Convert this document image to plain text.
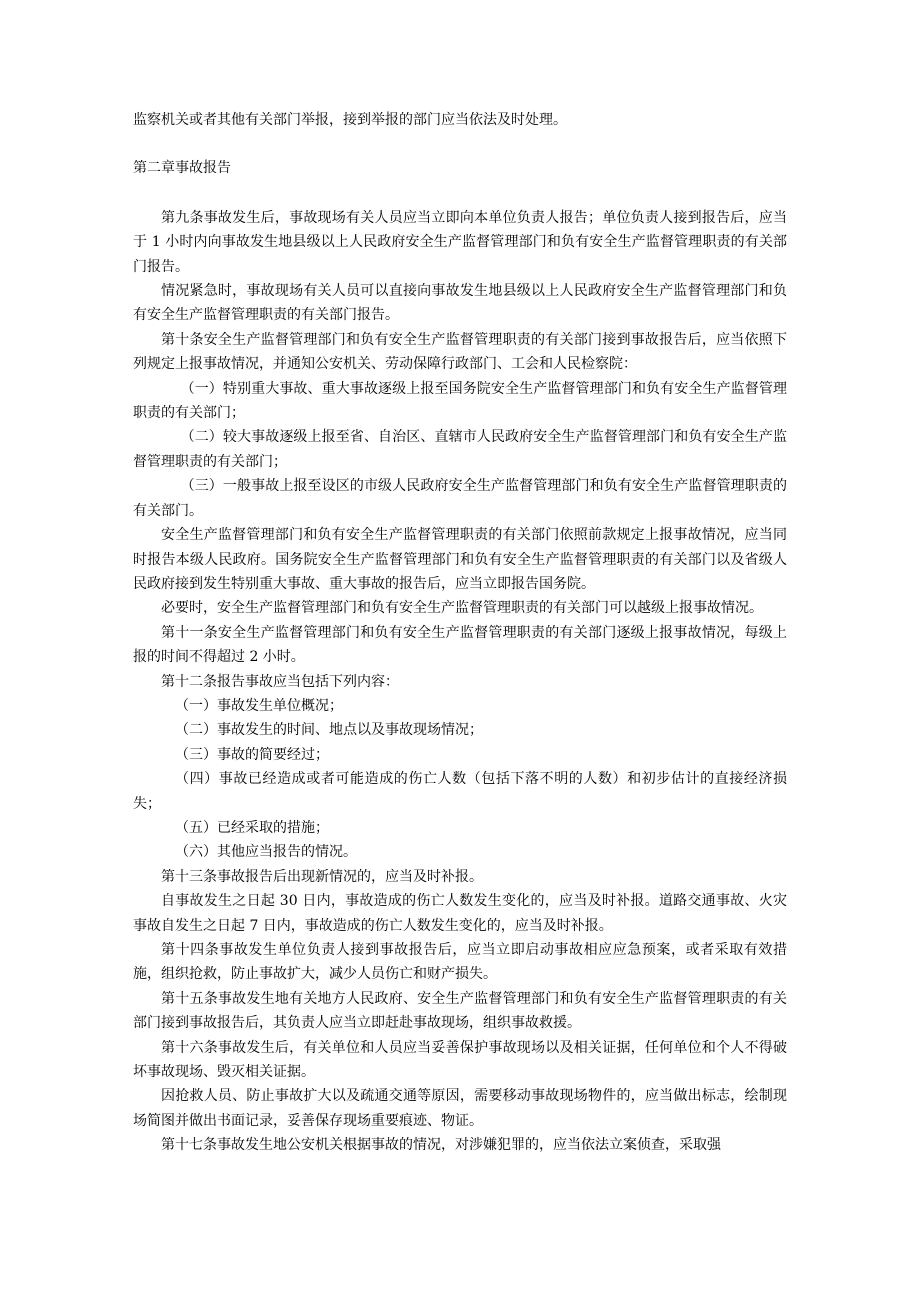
监察机关或者其他有关部门举报，接到举报的部门应当依法及时处理。

第二章事故报告

第九条事故发生后，事故现场有关人员应当立即向本单位负责人报告；单位负责人接到报告后，应当于 1 小时内向事故发生地县级以上人民政府安全生产监督管理部门和负有安全生产监督管理职责的有关部门报告。

情况紧急时，事故现场有关人员可以直接向事故发生地县级以上人民政府安全生产监督管理部门和负有安全生产监督管理职责的有关部门报告。

第十条安全生产监督管理部门和负有安全生产监督管理职责的有关部门接到事故报告后，应当依照下列规定上报事故情况，并通知公安机关、劳动保障行政部门、工会和人民检察院：

（一）特别重大事故、重大事故逐级上报至国务院安全生产监督管理部门和负有安全生产监督管理职责的有关部门；

（二）较大事故逐级上报至省、自治区、直辖市人民政府安全生产监督管理部门和负有安全生产监督管理职责的有关部门；

（三）一般事故上报至设区的市级人民政府安全生产监督管理部门和负有安全生产监督管理职责的有关部门。

安全生产监督管理部门和负有安全生产监督管理职责的有关部门依照前款规定上报事故情况，应当同时报告本级人民政府。国务院安全生产监督管理部门和负有安全生产监督管理职责的有关部门以及省级人民政府接到发生特别重大事故、重大事故的报告后，应当立即报告国务院。

必要时，安全生产监督管理部门和负有安全生产监督管理职责的有关部门可以越级上报事故情况。

第十一条安全生产监督管理部门和负有安全生产监督管理职责的有关部门逐级上报事故情况，每级上报的时间不得超过 2 小时。

第十二条报告事故应当包括下列内容：

（一）事故发生单位概况；

（二）事故发生的时间、地点以及事故现场情况；

（三）事故的简要经过；

（四）事故已经造成或者可能造成的伤亡人数（包括下落不明的人数）和初步估计的直接经济损失；

（五）已经采取的措施；

（六）其他应当报告的情况。

第十三条事故报告后出现新情况的，应当及时补报。

自事故发生之日起 30 日内，事故造成的伤亡人数发生变化的，应当及时补报。道路交通事故、火灾事故自发生之日起 7 日内，事故造成的伤亡人数发生变化的，应当及时补报。

第十四条事故发生单位负责人接到事故报告后，应当立即启动事故相应应急预案，或者采取有效措施，组织抢救，防止事故扩大，减少人员伤亡和财产损失。

第十五条事故发生地有关地方人民政府、安全生产监督管理部门和负有安全生产监督管理职责的有关部门接到事故报告后，其负责人应当立即赶赴事故现场，组织事故救援。

第十六条事故发生后，有关单位和人员应当妥善保护事故现场以及相关证据，任何单位和个人不得破坏事故现场、毁灭相关证据。

因抢救人员、防止事故扩大以及疏通交通等原因，需要移动事故现场物件的，应当做出标志，绘制现场简图并做出书面记录，妥善保存现场重要痕迹、物证。

第十七条事故发生地公安机关根据事故的情况，对涉嫌犯罪的，应当依法立案侦查，采取强
